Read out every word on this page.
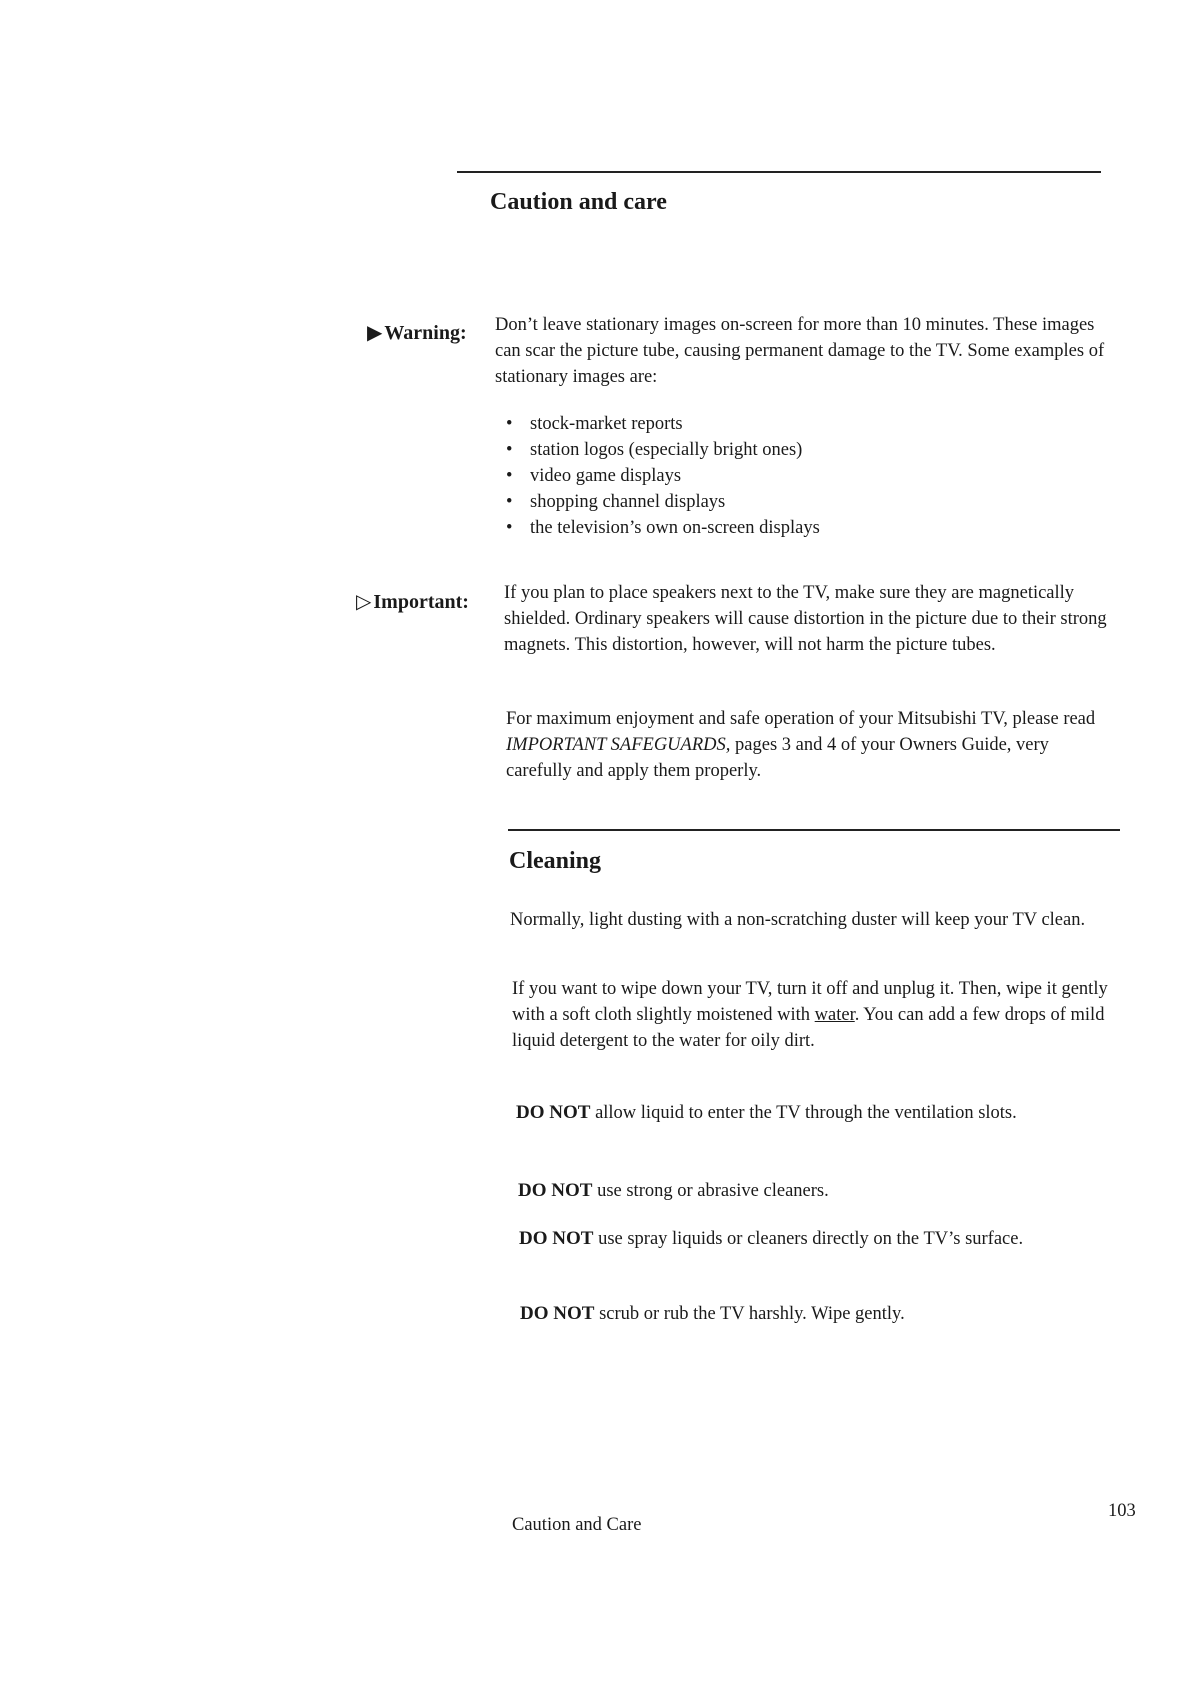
Caution and care
▶ Warning: Don’t leave stationary images on-screen for more than 10 minutes. These images can scar the picture tube, causing permanent damage to the TV. Some examples of stationary images are:

• stock-market reports
• station logos (especially bright ones)
• video game displays
• shopping channel displays
• the television’s own on-screen displays
▷ Important: If you plan to place speakers next to the TV, make sure they are magnetically shielded. Ordinary speakers will cause distortion in the picture due to their strong magnets. This distortion, however, will not harm the picture tubes.

For maximum enjoyment and safe operation of your Mitsubishi TV, please read IMPORTANT SAFEGUARDS, pages 3 and 4 of your Owners Guide, very carefully and apply them properly.

Cleaning

Normally, light dusting with a non-scratching duster will keep your TV clean.

If you want to wipe down your TV, turn it off and unplug it. Then, wipe it gently with a soft cloth slightly moistened with water. You can add a few drops of mild liquid detergent to the water for oily dirt.

DO NOT allow liquid to enter the TV through the ventilation slots.

DO NOT use strong or abrasive cleaners.

DO NOT use spray liquids or cleaners directly on the TV’s surface.

DO NOT scrub or rub the TV harshly. Wipe gently.

Caution and Care
103
